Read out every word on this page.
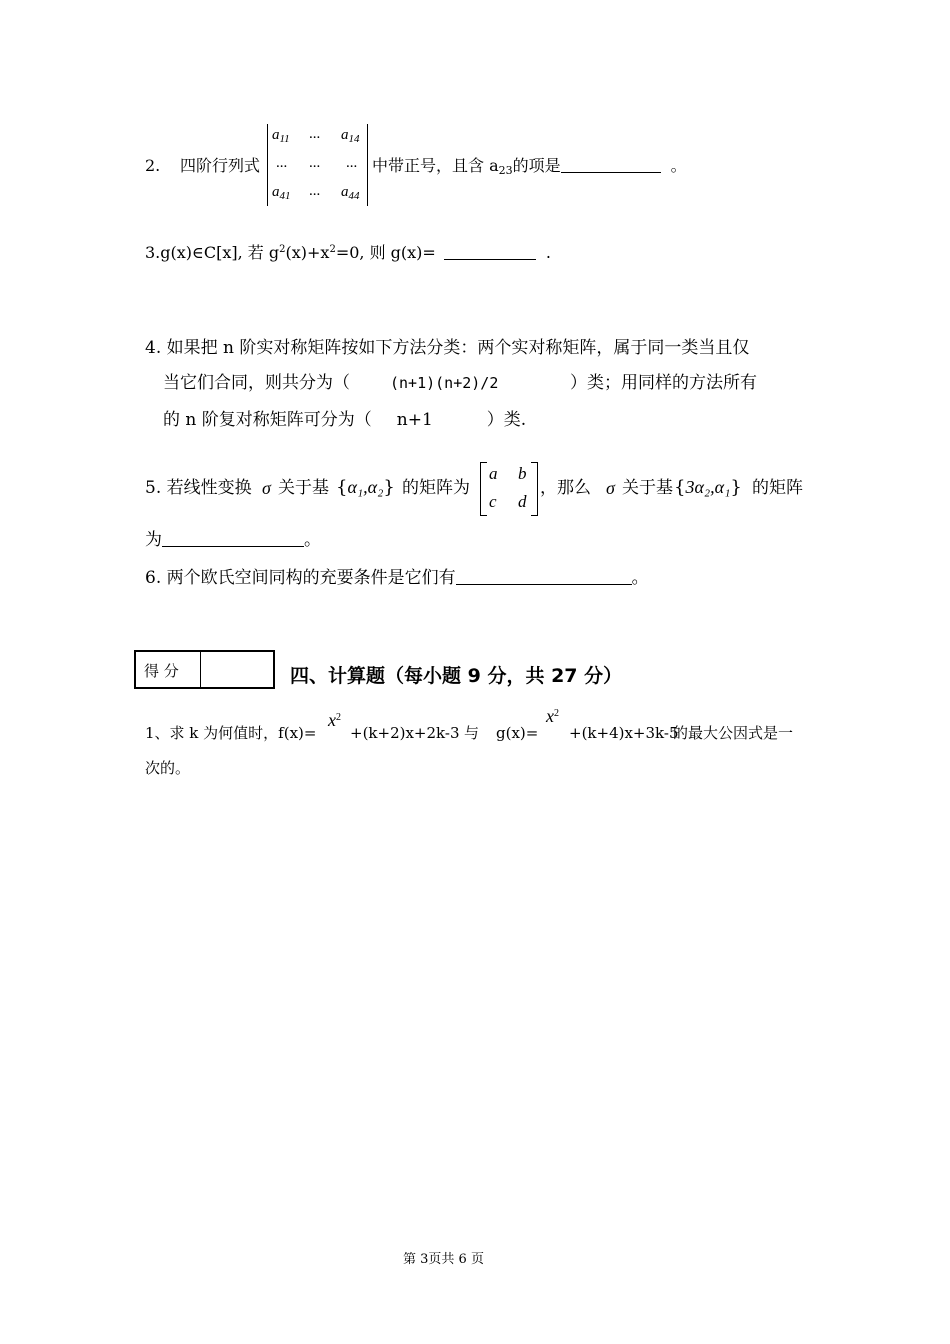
2. 四阶行列式
$a_{11}$ ... $a_{14}$
... ... ...
$a_{41}$ ... $a_{44}$
中带正号，且含 $a_{23}$的项是	。
3.g(x)∈C[x], 若 $g^2(x)+x^2=0$, 则 g(x)=	.
4. 如果把 n 阶实对称矩阵按如下方法分类：两个实对称矩阵，属于同一类当且仅
当它们合同，则共分为（	(n+1)(n+2)/2	）类；用同样的方法所有
的 n 阶复对称矩阵可分为（ n+1	）类.
5. 若线性变换 σ 关于基 {α₁,α₂} 的矩阵为
a b
c d
，那么 σ 关于基 {3α₂,α₁} 的矩阵
为	。
6. 两个欧氏空间同构的充要条件是它们有	。
得 分	四、计算题（每小题 9 分，共 27 分）
1、求 k 为何值时，f(x)=
$x^2$
+(k+2)x+2k-3 与 g(x)=
$x^2$
+(k+4)x+3k-5
的最大公因式是一
次的。
第 3页共 6 页
